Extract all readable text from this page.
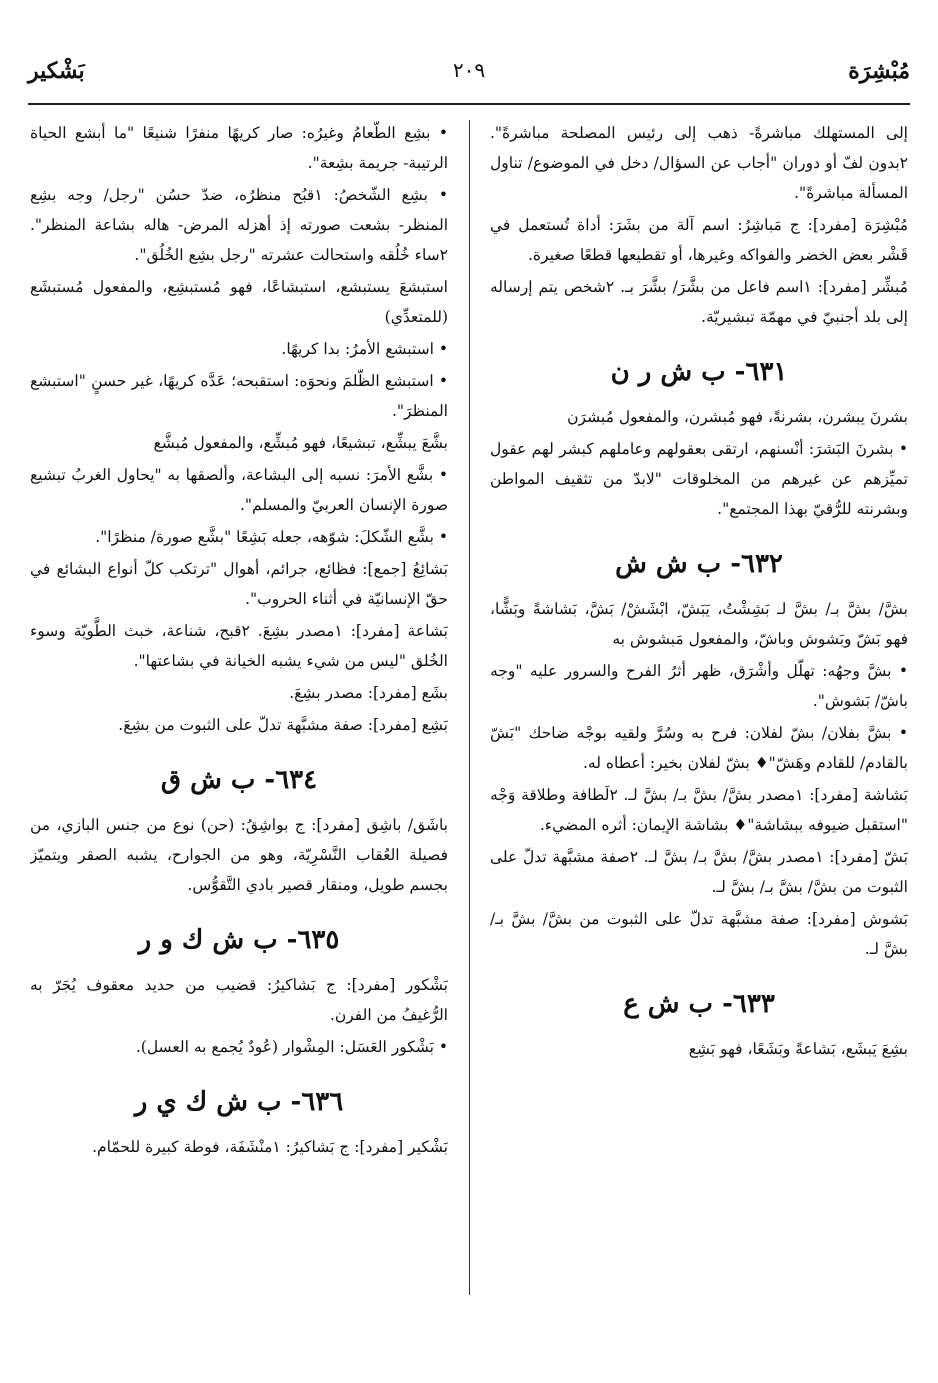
مُبْشِرَة
٢٠٩
بَشْكير

إلى المستهلك مباشرةً- ذهب إلى رئيس المصلحة مباشرةً". ٢بدون لفّ أو دوران "أجاب عن السؤال/ دخل في الموضوع/ تناول المسألة مباشرةً".

مُبْشِرَة [مفرد]: ج مَباشِرُ: اسم آلة من بشَرَ: أداة تُستعمل في قَشْر بعض الخضر والفواكه وغيرها، أو تقطيعها قطعًا صغيرة.

مُبشِّر [مفرد]: ١اسم فاعل من بشَّرَ/ بشَّرَ بـ. ٢شخص يتم إرساله إلى بلد أجنبيّ في مهمّة تبشيريّة.

٦٣١- ب ش ر ن

بشرنَ يبشرن، بشرنةً، فهو مُبشرن، والمفعول مُبشرَن

• بشرنَ البَشرَ: أنْسنهم، ارتقى بعقولهم وعاملهم كبشر لهم عقول تميِّزهم عن غيرهم من المخلوقات "لابدّ من تثقيف المواطن وبشرنته للرُّقيّ بهذا المجتمع".

٦٣٢- ب ش ش

بشَّ/ بشَّ بـ/ بشَّ لـ بَشِشْتُ، يَبَشّ، ابْشَشْ/ بَشَّ، بَشاشةً وبَشًّا، فهو بَشّ وبَشوش وباشّ، والمفعول مَبشوش به

• بشَّ وجهُه: تهلّل وأشْرَق، ظهر أثرُ الفرح والسرور عليه "وجه باشّ/ بَشوش".

• بشَّ بفلان/ بشّ لفلان: فرح به وسُرَّ ولقيه بوجْه ضاحك "بَشّ بالقادم/ للقادم وهَشّ"♦ بشّ لفلان بخير: أعطاه له.

بَشاشة [مفرد]: ١مصدر بشَّ/ بشَّ بـ/ بشَّ لـ. ٢لَطافة وطلاقة وَجْه "استقبل ضيوفه ببشاشة"♦ بشاشة الإيمان: أثره المضيء.

بَشّ [مفرد]: ١مصدر بشَّ/ بشَّ بـ/ بشَّ لـ. ٢صفة مشبَّهة تدلّ على الثبوت من بشَّ/ بشَّ بـ/ بشَّ لـ.

بَشوش [مفرد]: صفة مشبَّهة تدلّ على الثبوت من بشَّ/ بشَّ بـ/ بشَّ لـ.

٦٣٣- ب ش ع

بشِعَ يَبشَع، بَشاعةً وبَشَعًا، فهو بَشِع

• بشِع الطّعامُ وغيرُه: صار كريهًا منفرًا شنيعًا "ما أبشع الحياة الرتيبة- جريمة بشِعة".

• بشِع الشّخصُ: ١قبُح منظرُه، ضدّ حسُن "رجل/ وجه بشِع المنظر- بشعت صورته إذ أهزله المرض- هاله بشاعة المنظر". ٢ساء خُلُقه واستحالت عشرته "رجل بشِع الخُلُق".

استبشعَ يستبشع، استبشاعًا، فهو مُستبشِع، والمفعول مُستبشَع (للمتعدِّي)

• استبشع الأمرُ: بدا كريهًا.

• استبشع الظّلمَ ونحوَه: استقبحه؛ عَدَّه كريهًا، غير حسنٍ "استبشع المنظرَ".

بشَّعَ يبشِّع، تبشيعًا، فهو مُبشِّع، والمفعول مُبشَّع

• بشَّع الأمرَ: نسبه إلى البشاعة، وألصقها به "يحاول الغربُ تبشيع صورة الإنسان العربيّ والمسلم".

• بشَّع الشّكلَ: شوّهه، جعله بَشِعًا "بشَّع صورة/ منظرًا".

بَشائِعُ [جمع]: فظائع، جرائم، أهوال "ترتكب كلّ أنواع البشائع في حقّ الإنسانيّة في أثناء الحروب".

بَشاعة [مفرد]: ١مصدر بشِعَ. ٢قبح، شناعة، خبث الطَّويّة وسوء الخُلق "ليس من شيء يشبه الخيانة في بشاعتها".

بشَع [مفرد]: مصدر بشِعَ.

بَشِع [مفرد]: صفة مشبَّهة تدلّ على الثبوت من بشِعَ.

٦٣٤- ب ش ق

باشَق/ باشِق [مفرد]: ج بواشِقُ: (حن) نوع من جنس البازي، من فصيلة العُقاب النَّسْرِيّة، وهو من الجوارح، يشبه الصقر ويتميّز بجسم طويل، ومنقار قصير بادي التَّقوُّس.

٦٣٥- ب ش ك و ر

بَشْكور [مفرد]: ج بَشاكيرُ: قضيب من حديد معقوف يُجَرّ به الرُّغيفُ من الفرن.

• بَشْكور العَسَل: المِشْوار (عُودٌ يُجمع به العسل).

٦٣٦- ب ش ك ي ر

بَشْكير [مفرد]: ج بَشاكيرُ: ١منْشَفَة، فوطة كبيرة للحمّام.
